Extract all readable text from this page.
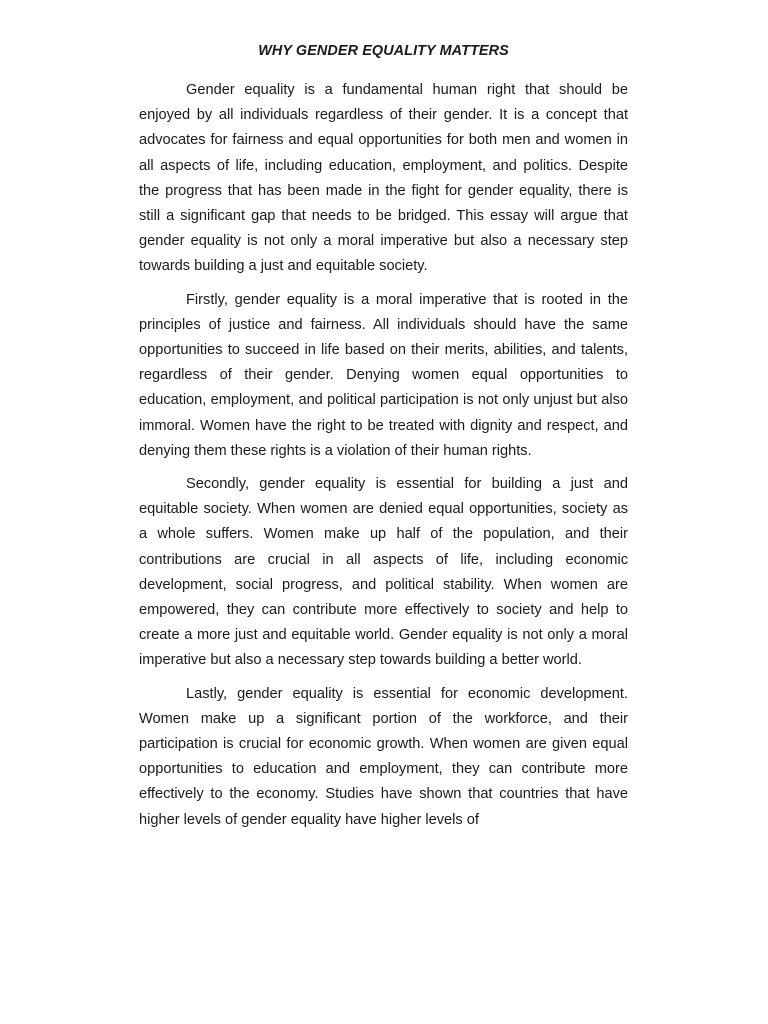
WHY GENDER EQUALITY MATTERS

Gender equality is a fundamental human right that should be enjoyed by all individuals regardless of their gender. It is a concept that advocates for fairness and equal opportunities for both men and women in all aspects of life, including education, employment, and politics. Despite the progress that has been made in the fight for gender equality, there is still a significant gap that needs to be bridged. This essay will argue that gender equality is not only a moral imperative but also a necessary step towards building a just and equitable society.

Firstly, gender equality is a moral imperative that is rooted in the principles of justice and fairness. All individuals should have the same opportunities to succeed in life based on their merits, abilities, and talents, regardless of their gender. Denying women equal opportunities to education, employment, and political participation is not only unjust but also immoral. Women have the right to be treated with dignity and respect, and denying them these rights is a violation of their human rights.

Secondly, gender equality is essential for building a just and equitable society. When women are denied equal opportunities, society as a whole suffers. Women make up half of the population, and their contributions are crucial in all aspects of life, including economic development, social progress, and political stability. When women are empowered, they can contribute more effectively to society and help to create a more just and equitable world. Gender equality is not only a moral imperative but also a necessary step towards building a better world.

Lastly, gender equality is essential for economic development. Women make up a significant portion of the workforce, and their participation is crucial for economic growth. When women are given equal opportunities to education and employment, they can contribute more effectively to the economy. Studies have shown that countries that have higher levels of gender equality have higher levels of
